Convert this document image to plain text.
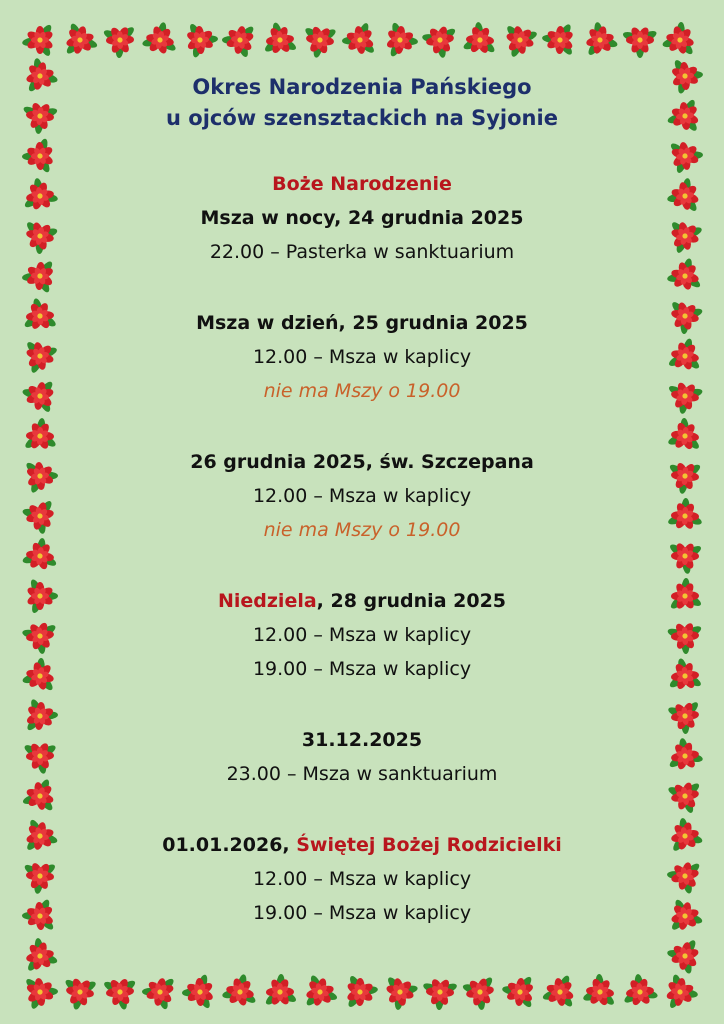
Okres Narodzenia Pańskiego

u ojców szensztackich na Syjonie

Boże Narodzenie

Msza w nocy, 24 grudnia 2025

22.00 – Pasterka w sanktuarium

Msza w dzień, 25 grudnia 2025

12.00 – Msza w kaplicy

nie ma Mszy o 19.00

26 grudnia 2025, św. Szczepana

12.00 – Msza w kaplicy

nie ma Mszy o 19.00

Niedziela, 28 grudnia 2025

12.00 – Msza w kaplicy

19.00 – Msza w kaplicy

31.12.2025

23.00 – Msza w sanktuarium

01.01.2026, Świętej Bożej Rodzicielki

12.00 – Msza w kaplicy

19.00 – Msza w kaplicy
